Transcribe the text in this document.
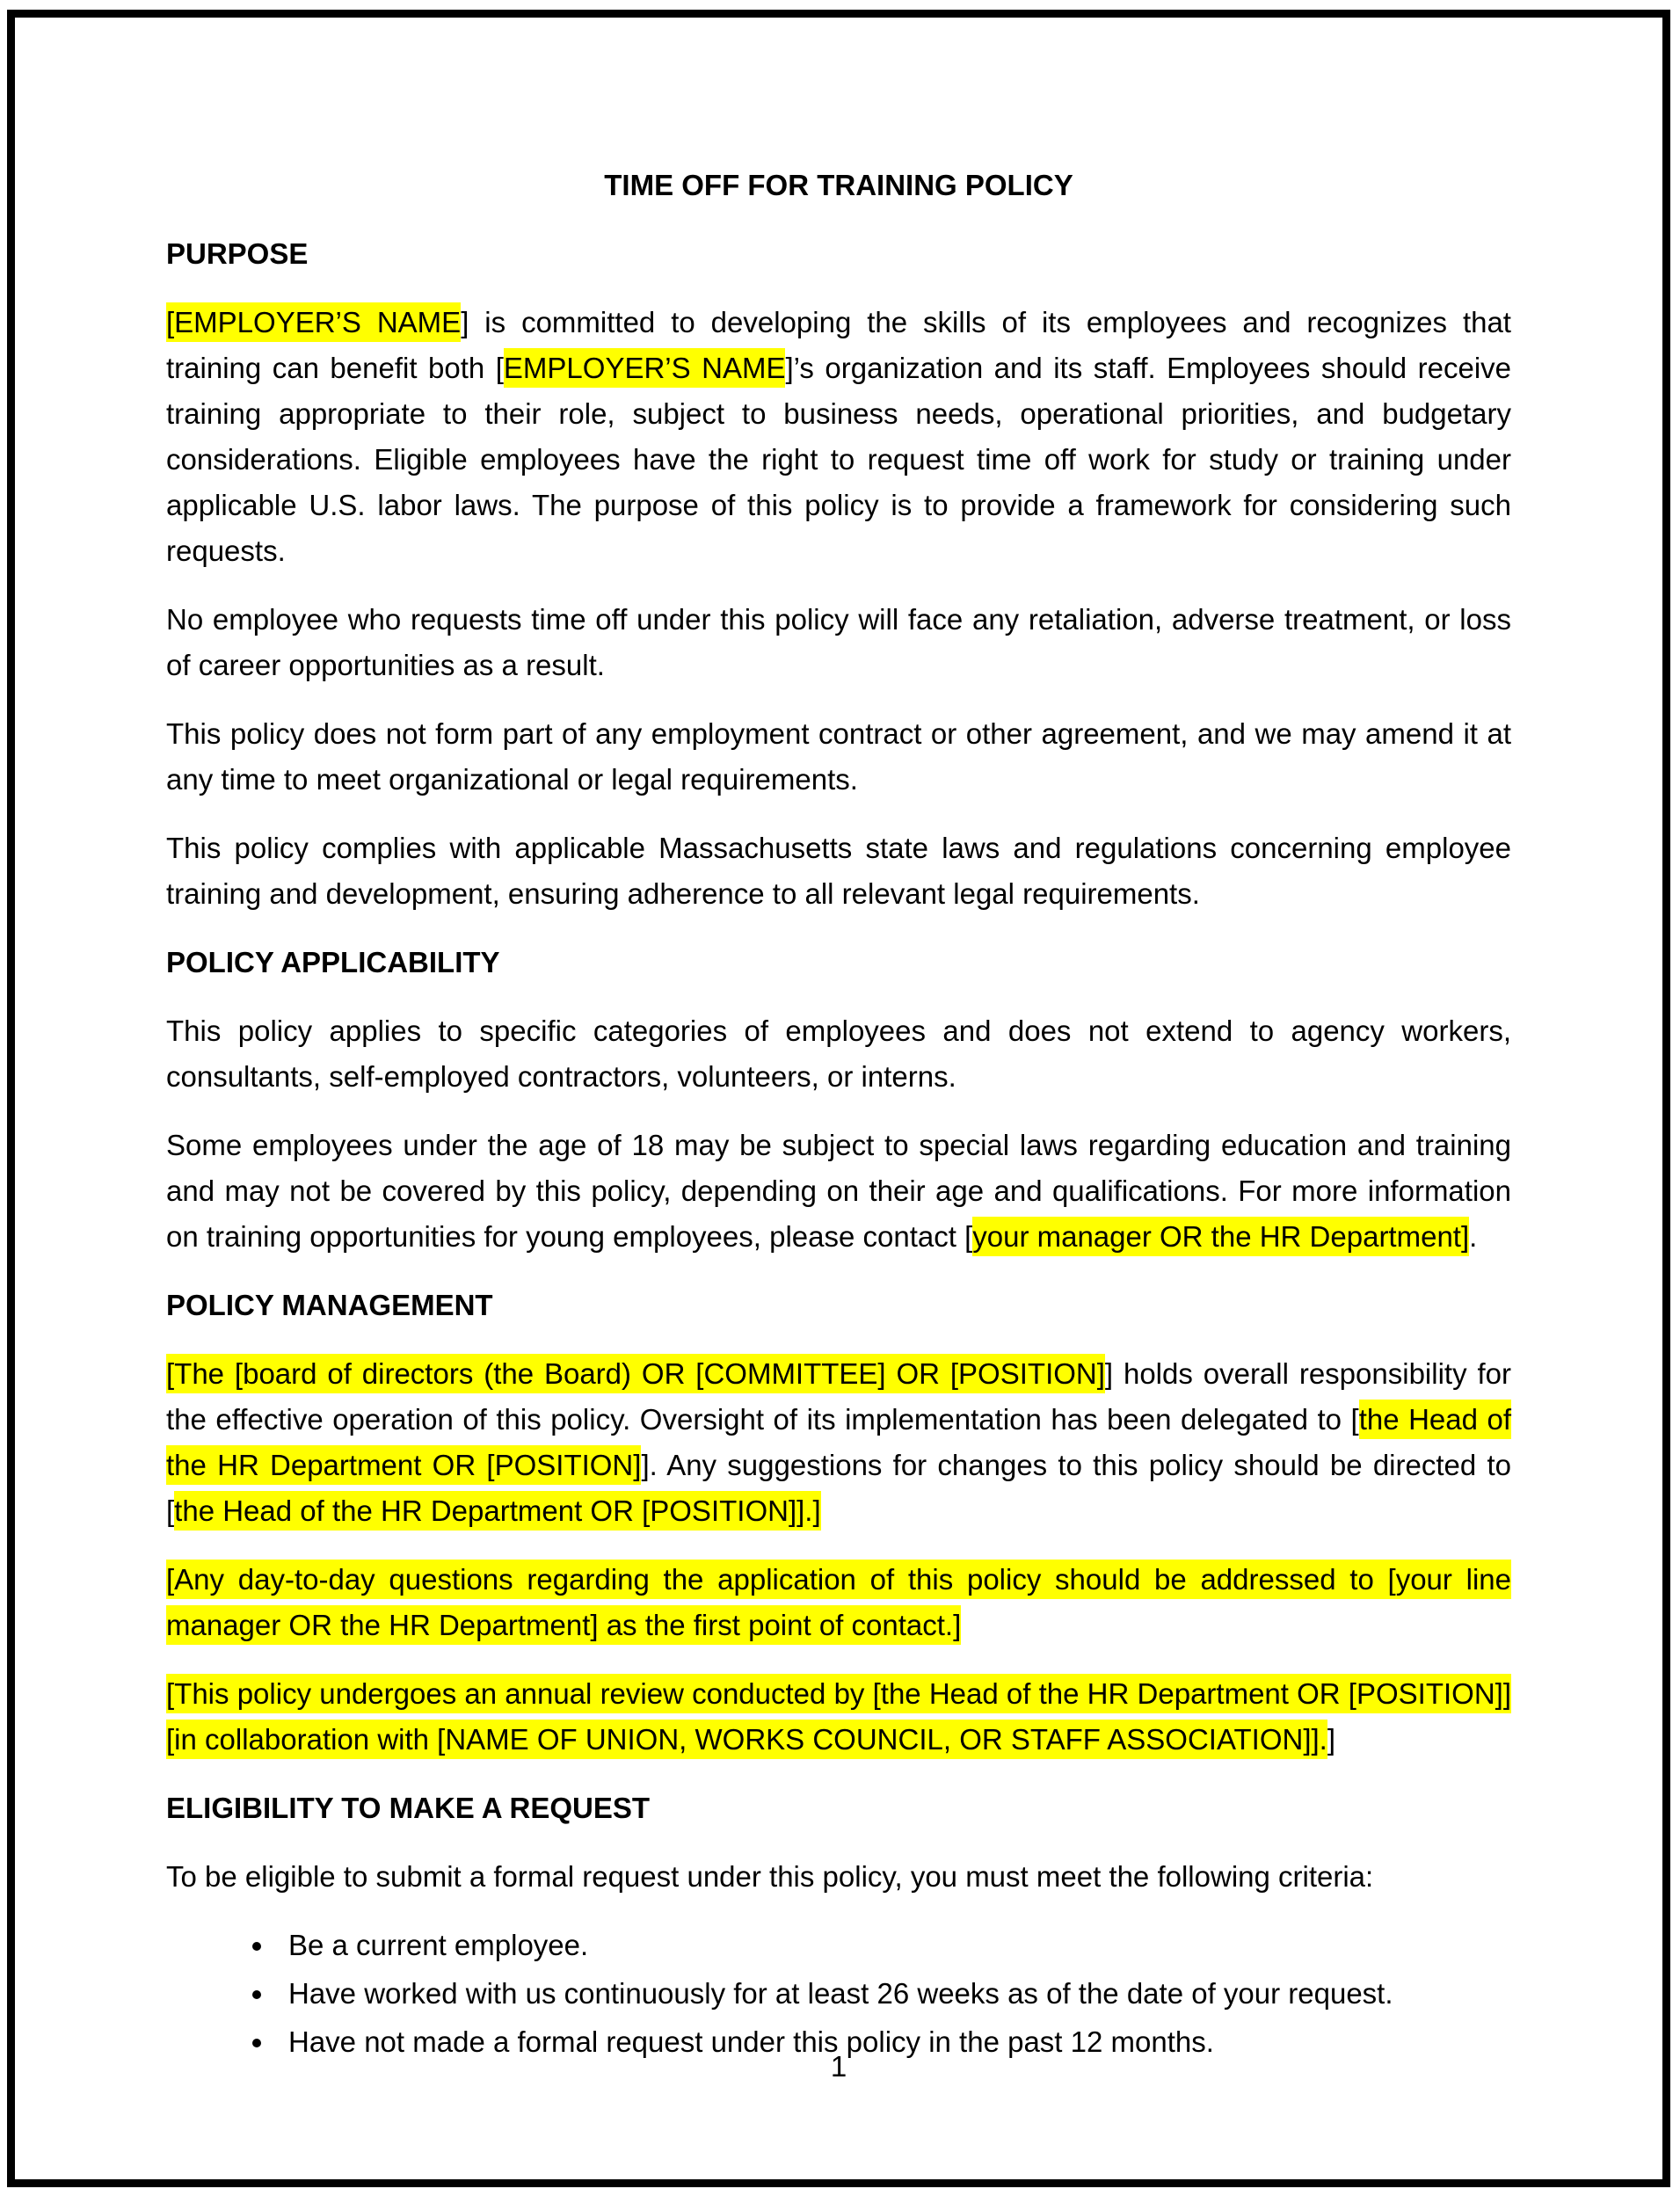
TIME OFF FOR TRAINING POLICY
PURPOSE

[EMPLOYER’S NAME] is committed to developing the skills of its employees and recognizes that training can benefit both [EMPLOYER’S NAME]’s organization and its staff. Employees should receive training appropriate to their role, subject to business needs, operational priorities, and budgetary considerations. Eligible employees have the right to request time off work for study or training under applicable U.S. labor laws. The purpose of this policy is to provide a framework for considering such requests.

No employee who requests time off under this policy will face any retaliation, adverse treatment, or loss of career opportunities as a result.

This policy does not form part of any employment contract or other agreement, and we may amend it at any time to meet organizational or legal requirements.

This policy complies with applicable Massachusetts state laws and regulations concerning employee training and development, ensuring adherence to all relevant legal requirements.

POLICY APPLICABILITY

This policy applies to specific categories of employees and does not extend to agency workers, consultants, self-employed contractors, volunteers, or interns.

Some employees under the age of 18 may be subject to special laws regarding education and training and may not be covered by this policy, depending on their age and qualifications. For more information on training opportunities for young employees, please contact [your manager OR the HR Department].

POLICY MANAGEMENT

[The [board of directors (the Board) OR [COMMITTEE] OR [POSITION]] holds overall responsibility for the effective operation of this policy. Oversight of its implementation has been delegated to [the Head of the HR Department OR [POSITION]]. Any suggestions for changes to this policy should be directed to [the Head of the HR Department OR [POSITION]].]

[Any day-to-day questions regarding the application of this policy should be addressed to [your line manager OR the HR Department] as the first point of contact.]

[This policy undergoes an annual review conducted by [the Head of the HR Department OR [POSITION]] [in collaboration with [NAME OF UNION, WORKS COUNCIL, OR STAFF ASSOCIATION]].]

ELIGIBILITY TO MAKE A REQUEST

To be eligible to submit a formal request under this policy, you must meet the following criteria:

• Be a current employee.
• Have worked with us continuously for at least 26 weeks as of the date of your request.
• Have not made a formal request under this policy in the past 12 months.
1
